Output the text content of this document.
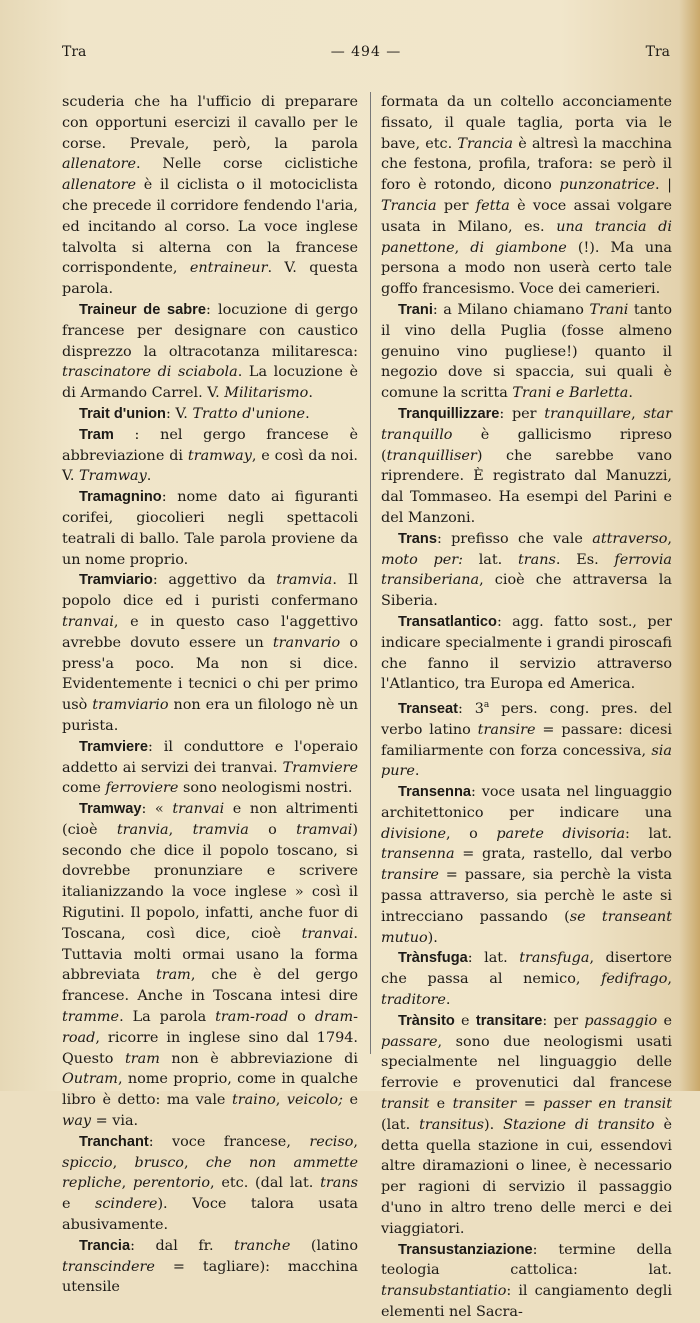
Tra	— 494 —	Tra

scuderia che ha l'ufficio di preparare con opportuni esercizi il cavallo per le corse. Prevale, però, la parola allenatore. Nelle corse ciclistiche allenatore è il ciclista o il motociclista che precede il corridore fendendo l'aria, ed incitando al corso. La voce inglese talvolta si alterna con la francese corrispondente, entraineur. V. questa parola.

Traineur de sabre: locuzione di gergo francese per designare con caustico disprezzo la oltracotanza militaresca: trascinatore di sciabola. La locuzione è di Armando Carrel. V. Militarismo.

Trait d'union: V. Tratto d'unione.

Tram : nel gergo francese è abbreviazione di tramway, e così da noi. V. Tramway.

Tramagnino: nome dato ai figuranti corifei, giocolieri negli spettacoli teatrali di ballo. Tale parola proviene da un nome proprio.

Tramviario: aggettivo da tramvia. Il popolo dice ed i puristi confermano tranvai, e in questo caso l'aggettivo avrebbe dovuto essere un tranvario o press'a poco. Ma non si dice. Evidentemente i tecnici o chi per primo usò tramviario non era un filologo nè un purista.

Tramviere: il conduttore e l'operaio addetto ai servizi dei tranvai. Tramviere come ferroviere sono neologismi nostri.

Tramway: « tranvai e non altrimenti (cioè tranvia, tramvia o tramvai) secondo che dice il popolo toscano, si dovrebbe pronunziare e scrivere italianizzando la voce inglese » così il Rigutini. Il popolo, infatti, anche fuor di Toscana, così dice, cioè tranvai. Tuttavia molti ormai usano la forma abbreviata tram, che è del gergo francese. Anche in Toscana intesi dire tramme. La parola tram-road o dram-road, ricorre in inglese sino dal 1794. Questo tram non è abbreviazione di Outram, nome proprio, come in qualche libro è detto: ma vale traino, veicolo; e way = via.

Tranchant: voce francese, reciso, spiccio, brusco, che non ammette repliche, perentorio, etc. (dal lat. trans e scindere). Voce talora usata abusivamente.

Trancia: dal fr. tranche (latino transcindere = tagliare): macchina utensile

formata da un coltello acconciamente fissato, il quale taglia, porta via le bave, etc. Trancia è altresì la macchina che festona, profila, trafora: se però il foro è rotondo, dicono punzonatrice. | Trancia per fetta è voce assai volgare usata in Milano, es. una trancia di panettone, di giambone (!). Ma una persona a modo non userà certo tale goffo francesismo. Voce dei camerieri.

Trani: a Milano chiamano Trani tanto il vino della Puglia (fosse almeno genuino vino pugliese!) quanto il negozio dove si spaccia, sui quali è comune la scritta Trani e Barletta.

Tranquillizzare: per tranquillare, star tranquillo è gallicismo ripreso (tranquilliser) che sarebbe vano riprendere. È registrato dal Manuzzi, dal Tommaseo. Ha esempi del Parini e del Manzoni.

Trans: prefisso che vale attraverso, moto per: lat. trans. Es. ferrovia transiberiana, cioè che attraversa la Siberia.

Transatlantico: agg. fatto sost., per indicare specialmente i grandi piroscafi che fanno il servizio attraverso l'Atlantico, tra Europa ed America.

Transeat: 3$^a$ pers. cong. pres. del verbo latino transire = passare: dicesi familiarmente con forza concessiva, sia pure.

Transenna: voce usata nel linguaggio architettonico per indicare una divisione, o parete divisoria: lat. transenna = grata, rastello, dal verbo transire = passare, sia perchè la vista passa attraverso, sia perchè le aste si intrecciano passando (se transeant mutuo).

Trànsfuga: lat. transfuga, disertore che passa al nemico, fedifrago, traditore.

Trànsito e transitare: per passaggio e passare, sono due neologismi usati specialmente nel linguaggio delle ferrovie e provenutici dal francese transit e transiter = passer en transit (lat. transitus). Stazione di transito è detta quella stazione in cui, essendovi altre diramazioni o linee, è necessario per ragioni di servizio il passaggio d'uno in altro treno delle merci e dei viaggiatori.

Transustanziazione: termine della teologia cattolica: lat. transubstantiatio: il cangiamento degli elementi nel Sacra-
